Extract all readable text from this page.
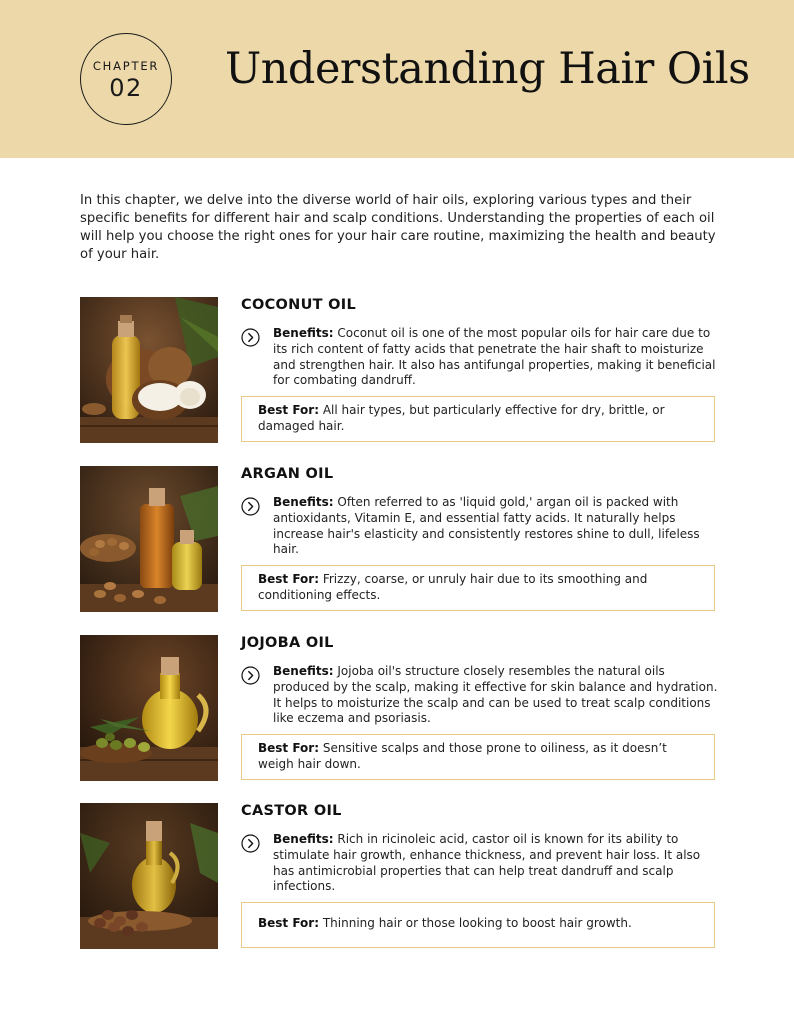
CHAPTER
02	Understanding Hair Oils

In this chapter, we delve into the diverse world of hair oils, exploring various types and their specific benefits for different hair and scalp conditions. Understanding the properties of each oil will help you choose the right ones for your hair care routine, maximizing the health and beauty of your hair.

COCONUT OIL

Benefits: Coconut oil is one of the most popular oils for hair care due to its rich content of fatty acids that penetrate the hair shaft to moisturize and strengthen hair. It also has antifungal properties, making it beneficial for combating dandruff.

Best For: All hair types, but particularly effective for dry, brittle, or damaged hair.
ARGAN OIL

Benefits: Often referred to as 'liquid gold,' argan oil is packed with antioxidants, Vitamin E, and essential fatty acids. It naturally helps increase hair's elasticity and consistently restores shine to dull, lifeless hair.

Best For: Frizzy, coarse, or unruly hair due to its smoothing and conditioning effects.
JOJOBA OIL

Benefits: Jojoba oil's structure closely resembles the natural oils produced by the scalp, making it effective for skin balance and hydration. It helps to moisturize the scalp and can be used to treat scalp conditions like eczema and psoriasis.

Best For: Sensitive scalps and those prone to oiliness, as it doesn’t weigh hair down.
CASTOR OIL

Benefits: Rich in ricinoleic acid, castor oil is known for its ability to stimulate hair growth, enhance thickness, and prevent hair loss. It also has antimicrobial properties that can help treat dandruff and scalp infections.

Best For: Thinning hair or those looking to boost hair growth.
